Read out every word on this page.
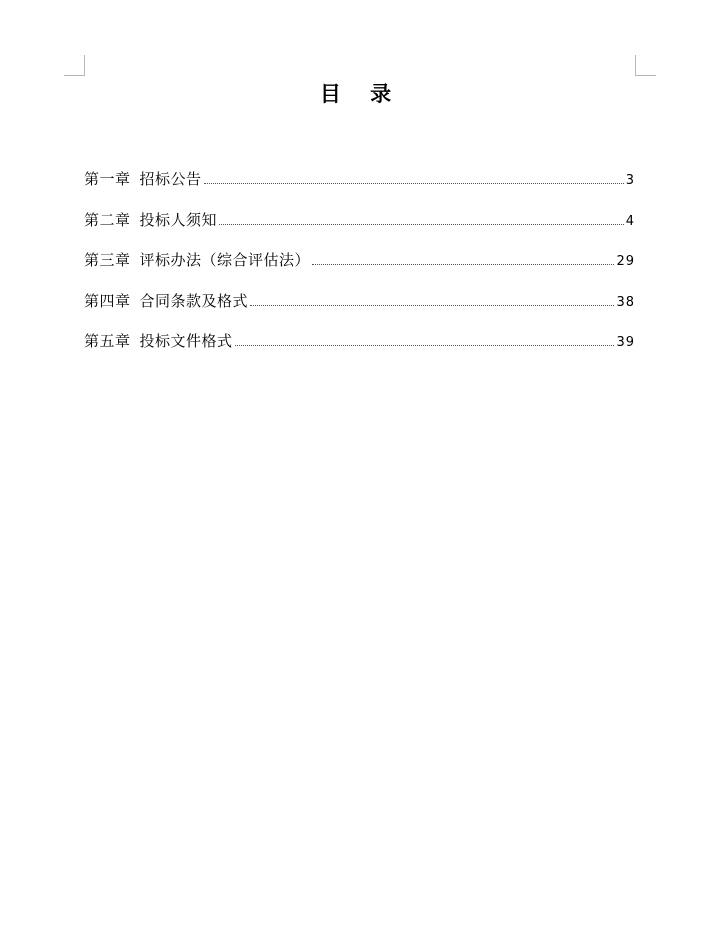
目    录
第一章 招标公告	3
第二章 投标人须知	4
第三章 评标办法（综合评估法）	29
第四章 合同条款及格式	38
第五章 投标文件格式	39
